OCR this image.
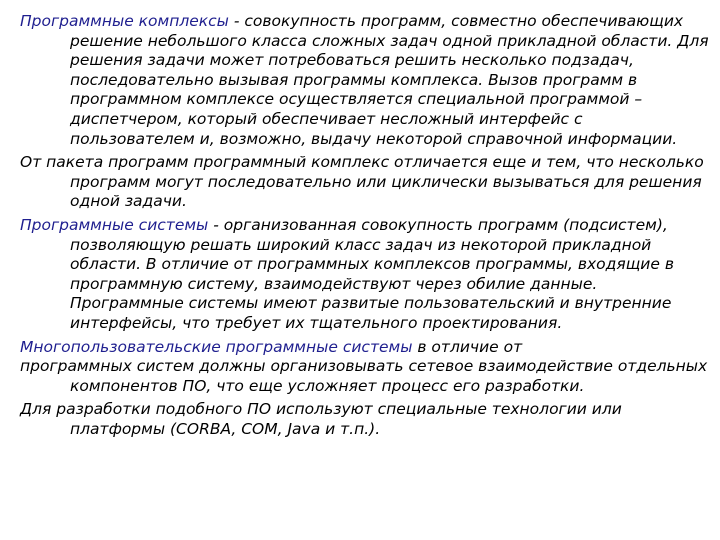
Программные комплексы - совокупность программ, совместно обеспечивающих решение небольшого класса сложных задач одной прикладной области. Для решения задачи может потребоваться решить несколько подзадач, последовательно вызывая программы комплекса. Вызов программ в программном комплексе осуществляется специальной программой – диспетчером, который обеспечивает несложный интерфейс с пользователем и, возможно, выдачу некоторой справочной информации.

От пакета программ программный комплекс отличается еще и тем, что несколько программ могут последовательно или циклически вызываться для решения одной задачи.

Программные системы - организованная совокупность программ (подсистем), позволяющую решать широкий класс задач из некоторой прикладной области. В отличие от программных комплексов программы, входящие в программную систему, взаимодействуют через обилие данные. Программные системы имеют развитые пользовательский и внутренние интерфейсы, что требует их тщательного проектирования.

Многопользовательские программные системы в отличие от

программных систем должны организовывать сетевое взаимодействие отдельных компонентов ПО, что еще усложняет процесс его разработки.

Для разработки подобного ПО используют специальные технологии или платформы (CORBA, COM, Java и т.п.).
